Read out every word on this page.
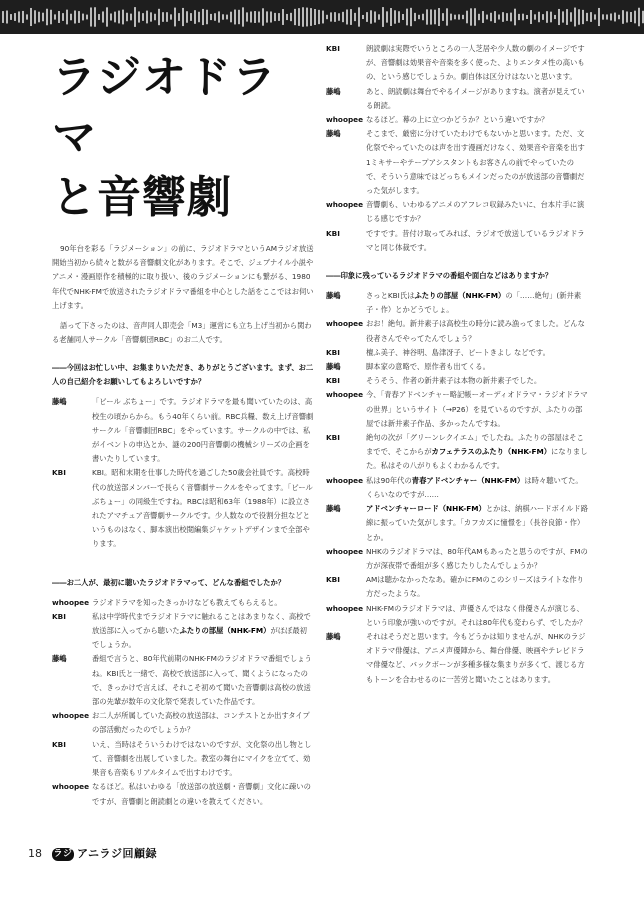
ラジオドラマ
と音響劇

90年台を彩る「ラジメーション」の前に、ラジオドラマというAMラジオ放送開始当初から続々と数がる音響劇文化があります。そこで、ジュブナイル小説やアニメ・漫画原作を積極的に取り扱い、後のラジメーションにも繋がる、1980年代でNHK-FMで放送されたラジオドラマ番組を中心とした話をここではお伺い上げます。

語って下さったのは、音声同人即売会「M3」運営にも立ち上げ当初から関わる老舗同人サークル「音響劇団RBC」のお二人です。

――今回はお忙しい中、お集まりいただき、ありがとうございます。まず、お二人の自己紹介をお願いしてもよろしいですか？
藤嶋	「ビール ぶちょー」です。ラジオドラマを最も聞いていたのは、高校生の頃からから。もう40年くらい前。RBC兵糧、数え上げ音響劇サークル「音響劇団RBC」をやっています。サークルの中では、私がイベントの申込とか、謎の200円音響劇の機械シリーズの企画を書いたりしています。
KBI	KBI。昭和末期を仕事した時代を過ごした50歳会社員です。高校時代の放送部メンバーで長らく音響劇サークルをやってます。「ビールぶちょー」の同級生ですね。RBCは昭和63年（1988年）に設立されたアマチュア音響劇サークルです。少人数なので役割分担などというものはなく、脚本演出校閲編集ジャケットデザインまで全部やります。
――お二人が、最初に聴いたラジオドラマって、どんな番組でしたか？
whoopee ラジオドラマを知ったきっかけなども教えてもらえると。
KBI	私は中学時代までラジオドラマに触れることはあまりなく、高校で放送部に入ってから聴いたふたりの部屋（NHK-FM）がほぼ最初でしょうか。
藤嶋	番組で言うと、80年代前期のNHK-FMのラジオドラマ番組でしょうね。KBI氏と一緒で、高校で放送部に入って、聞くようになったので、きっかけで言えば、それこそ初めて聞いた音響劇は高校の放送部の先輩が数年の文化祭で発表していた作品です。
whoopee お二人が所属していた高校の放送部は、コンテストとか出すタイプの部活動だったのでしょうか？
KBI	いえ、当時はそういうわけではないのですが、文化祭の出し物として、音響劇を出展していました。教室の舞台にマイクを立てて、効果音も音楽もリアルタイムで出すわけです。
whoopee なるほど。私はいわゆる「放送部の放送劇・音響劇」文化に疎いのですが、音響劇と朗読劇との違いを教えてください。
KBI	朗読劇は実際でいうところの一人芝居や少人数の劇のイメージですが、音響劇は効果音や音楽を多く使った、よりエンタメ性の高いもの、という感じでしょうか。劇自体は区分けはないと思います。
藤嶋	あと、朗読劇は舞台でやるイメージがありますね。演者が見えている朗読。
whoopee なるほど。幕の上に立つかどうか？という違いですか？
藤嶋	そこまで、厳密に分けていたわけでもないかと思います。ただ、文化祭でやっていたのは声を出す漫画だけなく、効果音や音楽を出す1ミキサーやテープアシスタントもお客さんの前でやっていたので、そういう意味ではどっちもメインだったのが放送部の音響劇だった気がします。
whoopee 音響劇も、いわゆるアニメのアフレコ収録みたいに、台本片手に演じる感じですか？
KBI	ですです。昔付け取ってみれば、ラジオで放送しているラジオドラマと同じ体裁です。
――印象に残っているラジオドラマの番組や面白などはありますか？
藤嶋	さっとKBI氏はふたりの部屋（NHK-FM）の「……絶句」(新井素子・作）とかどうでしょ。
whoopee おお！絶句。新井素子は高校生の時分に読み漁ってました。どんな役者さんでやってたんでしょう？
KBI	檀ふ美子、神谷明、島津冴子、ビートきよし などです。
藤嶋	脚本家の意略で、原作者も出てくる。
KBI	そうそう、作者の新井素子は本物の新井素子でした。
whoopee 今、「青春アドベンチャー略記帳ーオーディオドラマ・ラジオドラマの世界」というサイト（→P26）を見ているのですが、ふたりの部屋では新井素子作品、多かったんですね。
KBI	絶句の次が「グリーンレクイエム」でしたね。ふたりの部屋はそこまでで、そこからがカフェテラスのふたり（NHK-FM）になりました。私はその八がりもよくわかるんです。
whoopee 私は90年代の青春アドベンチャー（NHK-FM）は時々聴いてた。くらいなのですが……
藤嶋	アドベンチャーロード（NHK-FM）とかは、納棋ハードボイルド路線に振っていた気がします。「カフカズに憧憬を」（長谷良節・作）とか。
whoopee NHKのラジオドラマは、80年代AMもあったと思うのですが、FMの方が深夜帯で番組が多く感じたりしたんでしょうか？
KBI	AMは聴かなかったなあ。確かにFMのこのシリーズはライトな作り方だったような。
whoopee NHK-FMのラジオドラマは、声優さんではなく俳優さんが演じる、という印象が強いのですが。それは80年代も変わらず、でしたか？
藤嶋	それはそうだと思います。今もどうかは知りませんが、NHKのラジオドラマ俳優は、アニメ声優陣から、舞台俳優、映画やテレビドラマ俳優など、バックボーンが多種多様な集まりが多くて、渡じる方もトーンを合わせるのに一苦労と聞いたことはあります。
18 ラジ アニラジ回顧録
